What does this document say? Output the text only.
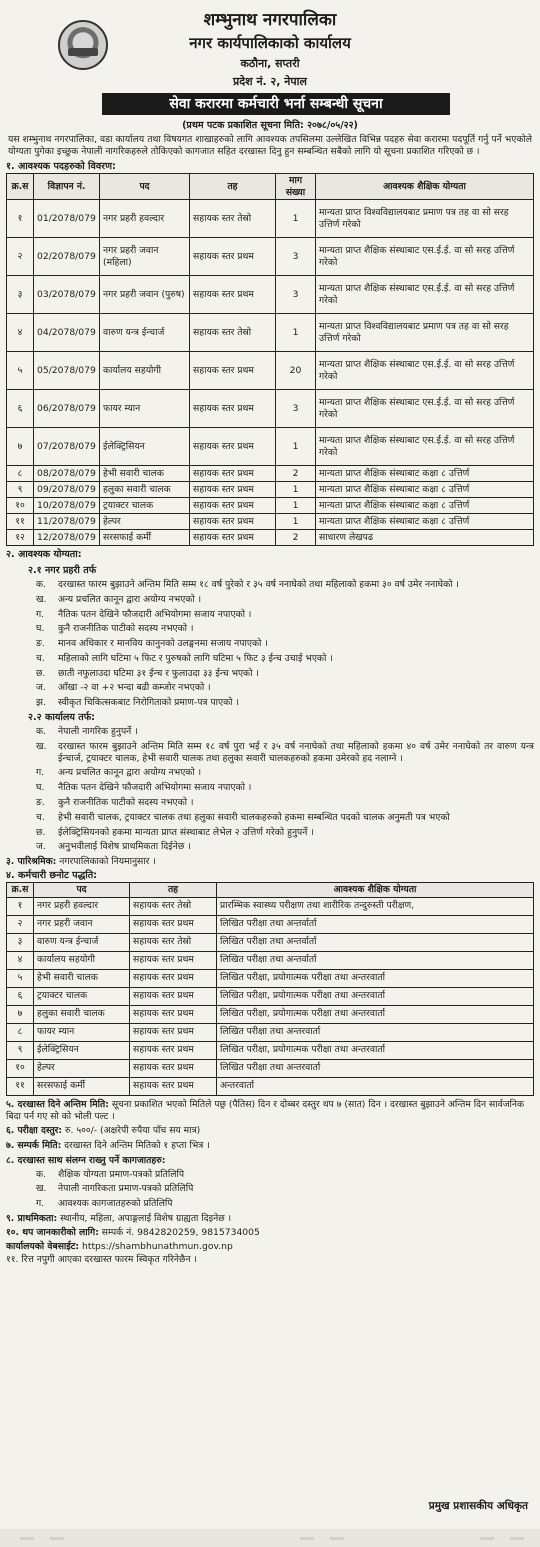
शम्भुनाथ नगरपालिका
नगर कार्यपालिकाको कार्यालय
कठौना, सप्तरी
प्रदेश नं. २, नेपाल
सेवा करारमा कर्मचारी भर्ना सम्बन्धी सूचना
(प्रथम पटक प्रकाशित सूचना मिति: २०७८/०५/२२)
यस शम्भुनाथ नगरपालिका, वडा कार्यालय तथा विषयगत शाखाहरुको लागि आवश्यक तपसिलमा उल्लेखित विभिन्न पदहरु सेवा करारमा पदपूर्ति गर्नु पर्ने भएकोले योग्यता पुगेका इच्छुक नेपाली नागरिकहरुले तोकिएको कागजात सहित दरखास्त दिनु हुन सम्बन्धित सबैको लागि यो सूचना प्रकाशित गरिएको छ ।
१. आवश्यक पदहरुको विवरण:
क्र.स	विज्ञापन नं.	पद	तह	माग संख्या	आवश्यक शैक्षिक योग्यता
१	01/2078/079	नगर प्रहरी हवल्दार	सहायक स्तर तेस्रो	1	मान्यता प्राप्त विश्वविद्यालयबाट प्रमाण पत्र तह वा सो सरह उत्तिर्ण गरेको
२	02/2078/079	नगर प्रहरी जवान (महिला)	सहायक स्तर प्रथम	3	मान्यता प्राप्त शैक्षिक संस्थाबाट एस.ई.ई. वा सो सरह उत्तिर्ण गरेको
३	03/2078/079	नगर प्रहरी जवान (पुरुष)	सहायक स्तर प्रथम	3	मान्यता प्राप्त शैक्षिक संस्थाबाट एस.ई.ई. वा सो सरह उत्तिर्ण गरेको
४	04/2078/079	वारुण यन्त्र ईन्चार्ज	सहायक स्तर तेस्रो	1	मान्यता प्राप्त विश्वविद्यालयबाट प्रमाण पत्र तह वा सो सरह उत्तिर्ण गरेको
५	05/2078/079	कार्यालय सहयोगी	सहायक स्तर प्रथम	20	मान्यता प्राप्त शैक्षिक संस्थाबाट एस.ई.ई. वा सो सरह उत्तिर्ण गरेको
६	06/2078/079	फायर म्यान	सहायक स्तर प्रथम	3	मान्यता प्राप्त शैक्षिक संस्थाबाट एस.ई.ई. वा सो सरह उत्तिर्ण गरेको
७	07/2078/079	ईलेक्ट्रिसियन	सहायक स्तर प्रथम	1	मान्यता प्राप्त शैक्षिक संस्थाबाट एस.ई.ई. वा सो सरह उत्तिर्ण गरेको
८	08/2078/079	हेभी सवारी चालक	सहायक स्तर प्रथम	2	मान्यता प्राप्त शैक्षिक संस्थाबाट कक्षा ८ उत्तिर्ण
९	09/2078/079	हलुका सवारी चालक	सहायक स्तर प्रथम	1	मान्यता प्राप्त शैक्षिक संस्थाबाट कक्षा ८ उत्तिर्ण
१०	10/2078/079	ट्रयाक्टर चालक	सहायक स्तर प्रथम	1	मान्यता प्राप्त शैक्षिक संस्थाबाट कक्षा ८ उत्तिर्ण
११	11/2078/079	हेल्पर	सहायक स्तर प्रथम	1	मान्यता प्राप्त शैक्षिक संस्थाबाट कक्षा ८ उत्तिर्ण
१२	12/2078/079	सरसफाई कर्मी	सहायक स्तर प्रथम	2	साधारण लेखपढ
२. आवश्यक योग्यता:
२.१ नगर प्रहरी तर्फ
क.	दरखास्त फारम बुझाउने अन्तिम मिति सम्म १८ वर्ष पुरेको र ३५ वर्ष ननाघेको तथा महिलाको हकमा ३० वर्ष उमेर ननाघेको ।
ख.	अन्य प्रचलित कानून द्वारा अयोग्य नभएको ।
ग.	नैतिक पतन देखिने फौजदारी अभियोगमा सजाय नपाएको ।
घ.	कुनै राजनीतिक पाटीको सदस्य नभएको ।
ङ.	मानव अधिकार र मानविय कानुनको उलङ्घनमा सजाय नपाएको ।
च.	महिलाको लागि घटिमा ५ फिट र पुरुषको लागि घटिमा ५ फिट ३ ईन्च उचाई भएको ।
छ.	छाती नफुलाउदा घटिमा ३१ ईन्च र फुलाउदा ३३ ईन्च भएको ।
ज.	आँखा -२ वा +२ भन्दा बढी कम्जोर नभएको ।
झ.	स्वीकृत चिकित्सकबाट निरोगिताको प्रमाण-पत्र पाएको ।
२.२ कार्यालय तर्फ:
क.	नेपाली नागरिक हुनुपर्ने ।
ख.	दरखास्त फारम बुझाउने अन्तिम मिति सम्म १८ वर्ष पुरा भई र ३५ वर्ष ननाघेको तथा महिलाको हकमा ४० वर्ष उमेर ननाघेको तर वारुण यन्त्र ईन्चार्ज, ट्रयाक्टर चालक, हेभी सवारी चालक तथा हलुका सवारी चालकहरुको हकमा उमेरको हद नलाग्ने ।
ग.	अन्य प्रचलित कानून द्वारा अयोग्य नभएको ।
घ.	नैतिक पतन देखिने फौजदारी अभियोगमा सजाय नपाएको ।
ङ.	कुनै राजनीतिक पाटीको सदस्य नभएको ।
च.	हेभी सवारी चालक, ट्रयाक्टर चालक तथा हलुका सवारी चालकहरुको हकमा सम्बन्धित पदको चालक अनुमती पत्र भएको
छ.	ईलेक्ट्रिसियनको हकमा मान्यता प्राप्त संस्थाबाट लेभेल २ उत्तिर्ण गरेको हुनुपर्ने ।
ज.	अनुभवीलाई विशेष प्राथमिकता दिईनेछ ।
३. पारिश्रमिक:
नगरपालिकाको नियमानुसार ।
४. कर्मचारी छनोट पद्धति:
क्र.स	पद	तह	आवश्यक शैक्षिक योग्यता
१	नगर प्रहरी हवल्दार	सहायक स्तर तेस्रो	प्रारम्भिक स्वास्थ्य परीक्षण तथा शारीरिक तन्दुरुस्ती परीक्षण,
२	नगर प्रहरी जवान	सहायक स्तर प्रथम	लिखित परीक्षा तथा अन्तर्वार्ता
३	वारुण यन्त्र ईन्चार्ज	सहायक स्तर तेस्रो	लिखित परीक्षा तथा अन्तर्वार्ता
४	कार्यालय सहयोगी	सहायक स्तर प्रथम	लिखित परीक्षा तथा अन्तर्वार्ता
५	हेभी सवारी चालक	सहायक स्तर प्रथम	लिखित परीक्षा, प्रयोगात्मक परीक्षा तथा अन्तरवार्ता
६	ट्रयाक्टर चालक	सहायक स्तर प्रथम	लिखित परीक्षा, प्रयोगात्मक परीक्षा तथा अन्तरवार्ता
७	हलुका सवारी चालक	सहायक स्तर प्रथम	लिखित परीक्षा, प्रयोगात्मक परीक्षा तथा अन्तरवार्ता
८	फायर म्यान	सहायक स्तर प्रथम	लिखित परीक्षा तथा अन्तरवार्ता
९	ईलेक्ट्रिसियन	सहायक स्तर प्रथम	लिखित परीक्षा, प्रयोगात्मक परीक्षा तथा अन्तरवार्ता
१०	हेल्पर	सहायक स्तर प्रथम	लिखित परीक्षा तथा अन्तरवार्ता
११	सरसफाई कर्मी	सहायक स्तर प्रथम	अन्तरवार्ता
५. दरखास्त दिने अन्तिम मिति: सूचना प्रकाशित भएको मितिले पछ्र (पैतिस) दिन र दोब्बर दस्तुर थप ७ (सात) दिन । दरखास्त बुझाउने अन्तिम दिन सार्वजनिक बिदा पर्न गए सो को भोली पल्ट ।
६. परीक्षा दस्तुर: रु. ५००/- (अक्षरेपी रुपैया पाँच सय मात्र)
७. सम्पर्क मिति: दरखास्त दिने अन्तिम मितिको १ हप्ता भित्र ।
८. दरखास्त साथ संलग्न राख्नु पर्ने कागजातहरु:
क.	शैक्षिक योग्यता प्रमाण-पत्रको प्रतिलिपि
ख.	नेपाली नागरिकता प्रमाण-पत्रको प्रतिलिपि
ग.	आवश्यक कागजातहरुको प्रतिलिपि
९. प्राथमिकता: स्थानीय, महिला, अपाङ्गलाई विशेष ग्राह्यता दिइनेछ ।
१०. थप जानकारीको लागि: सम्पर्क नं. 9842820259, 9815734005
कार्यालयको वेबसाईट: https://shambhunathmun.gov.np
११. रित्त नपुगी आएका दरखास्त फारम स्विकृत गरिनेछैन ।
प्रमुख प्रशासकीय अधिकृत
